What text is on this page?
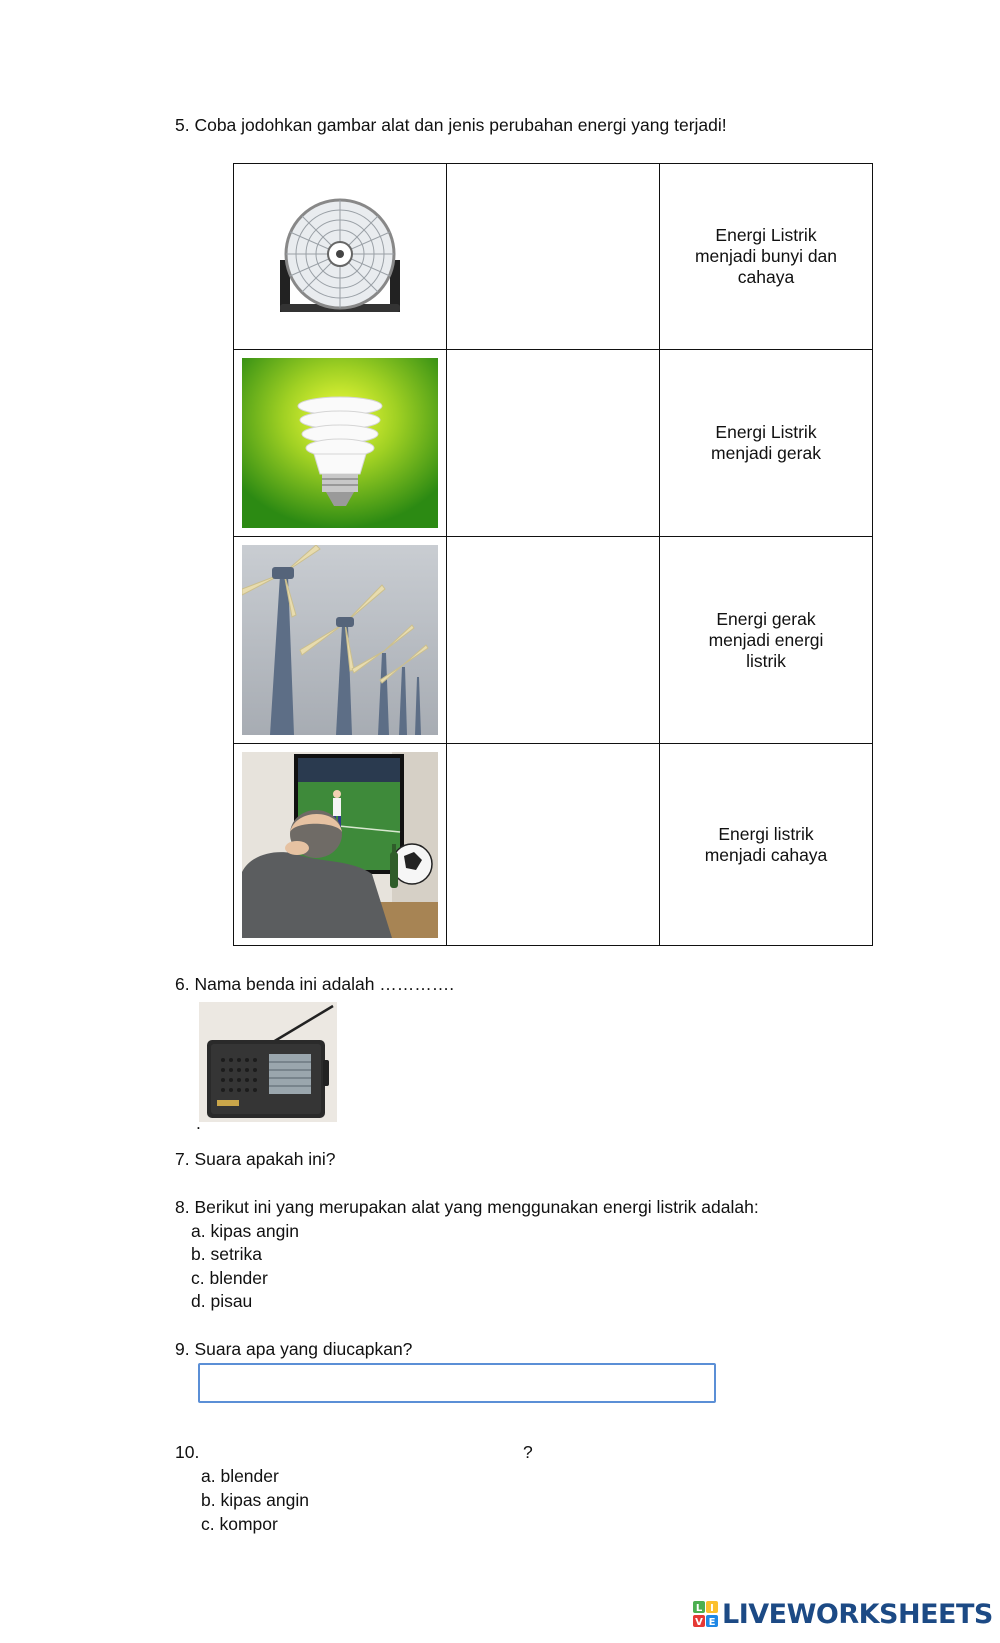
5. Coba jodohkan gambar alat dan jenis perubahan energi yang terjadi!

Energi Listrik menjadi bunyi dan cahaya

Energi Listrik menjadi gerak

Energi gerak menjadi energi listrik

Energi listrik menjadi cahaya
6. Nama benda ini adalah ………….
.
7. Suara apakah ini?
8. Berikut ini yang merupakan alat yang menggunakan energi listrik adalah:
a. kipas angin
b. setrika
c. blender
d. pisau
9. Suara apa yang diucapkan?
10.	?
a. blender
b. kipas angin
c. kompor
L I
V E LIVEWORKSHEETS
